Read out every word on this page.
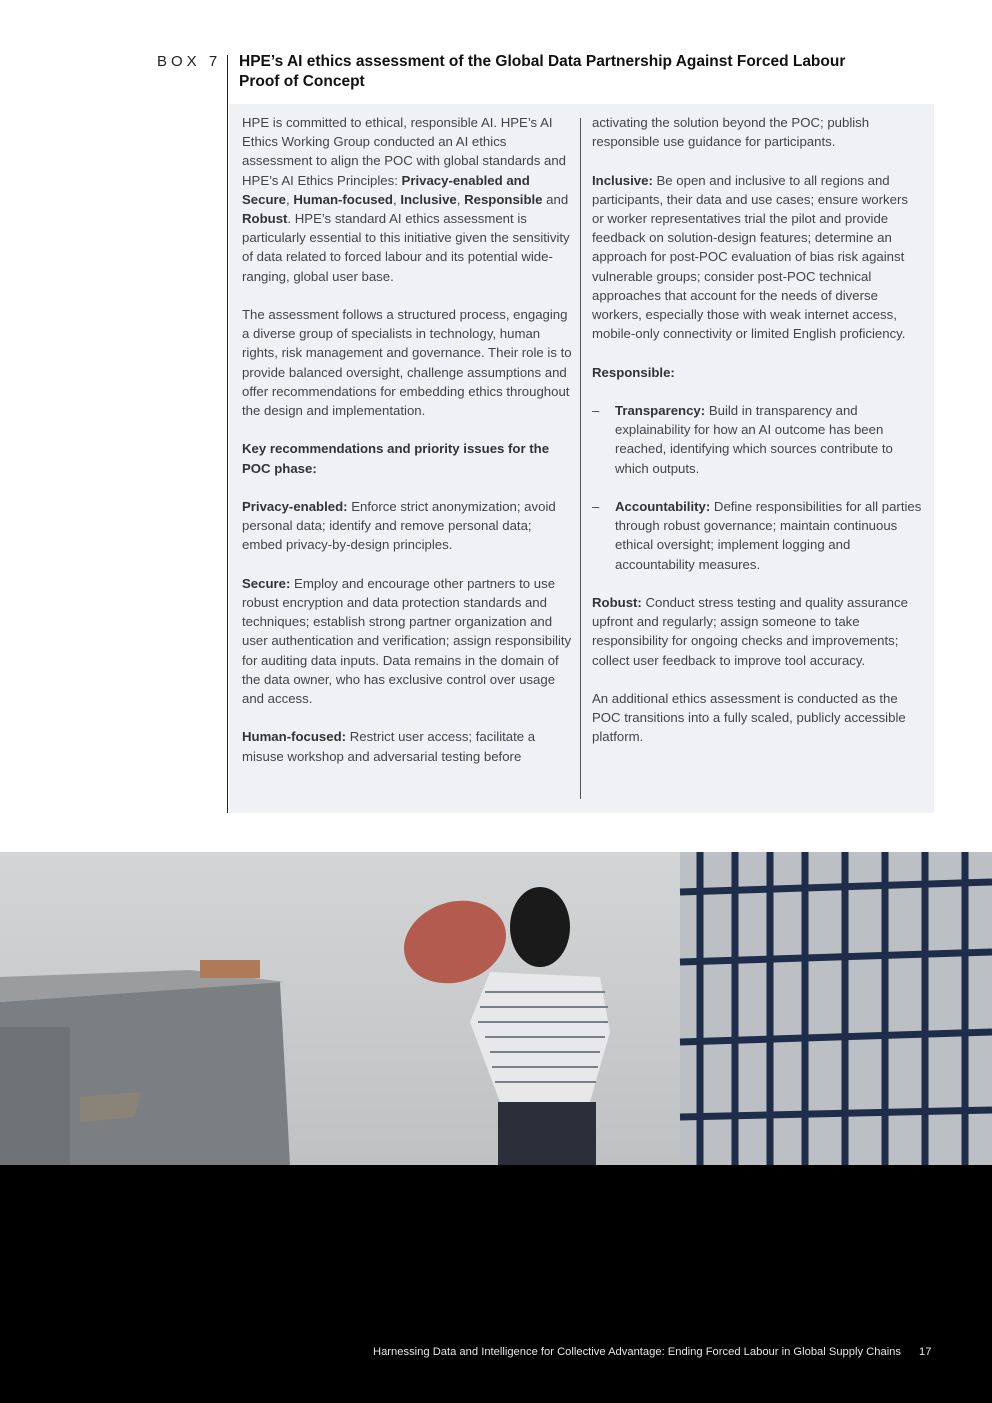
BOX 7 HPE’s AI ethics assessment of the Global Data Partnership Against Forced Labour
Proof of Concept

HPE is committed to ethical, responsible AI. HPE’s AI Ethics Working Group conducted an AI ethics assessment to align the POC with global standards and HPE’s AI Ethics Principles: Privacy-enabled and Secure, Human-focused, Inclusive, Responsible and Robust. HPE’s standard AI ethics assessment is particularly essential to this initiative given the sensitivity of data related to forced labour and its potential wide-ranging, global user base.

The assessment follows a structured process, engaging a diverse group of specialists in technology, human rights, risk management and governance. Their role is to provide balanced oversight, challenge assumptions and offer recommendations for embedding ethics throughout the design and implementation.

Key recommendations and priority issues for the POC phase:

Privacy-enabled: Enforce strict anonymization; avoid personal data; identify and remove personal data; embed privacy-by-design principles.

Secure: Employ and encourage other partners to use robust encryption and data protection standards and techniques; establish strong partner organization and user authentication and verification; assign responsibility for auditing data inputs. Data remains in the domain of the data owner, who has exclusive control over usage and access.

Human-focused: Restrict user access; facilitate a misuse workshop and adversarial testing before

activating the solution beyond the POC; publish responsible use guidance for participants.

Inclusive: Be open and inclusive to all regions and participants, their data and use cases; ensure workers or worker representatives trial the pilot and provide feedback on solution-design features; determine an approach for post-POC evaluation of bias risk against vulnerable groups; consider post-POC technical approaches that account for the needs of diverse workers, especially those with weak internet access, mobile-only connectivity or limited English proficiency.

Responsible:

– Transparency: Build in transparency and explainability for how an AI outcome has been reached, identifying which sources contribute to which outputs.
– Accountability: Define responsibilities for all parties through robust governance; maintain continuous ethical oversight; implement logging and accountability measures.

Robust: Conduct stress testing and quality assurance upfront and regularly; assign someone to take responsibility for ongoing checks and improvements; collect user feedback to improve tool accuracy.

An additional ethics assessment is conducted as the POC transitions into a fully scaled, publicly accessible platform.

Harnessing Data and Intelligence for Collective Advantage: Ending Forced Labour in Global Supply Chains 17
